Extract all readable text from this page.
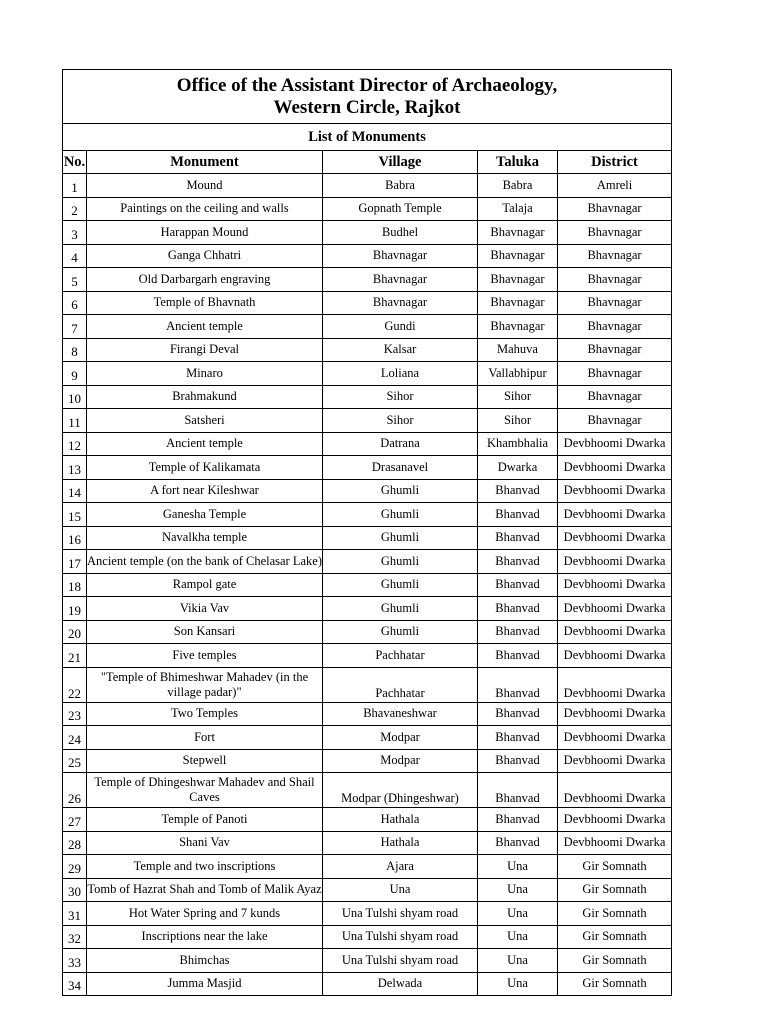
Office of the Assistant Director of Archaeology,
Western Circle, Rajkot				

List of Monuments				
No.	Monument	Village	Taluka	District
1	Mound	Babra	Babra	Amreli
2	Paintings on the ceiling and walls	Gopnath Temple	Talaja	Bhavnagar
3	Harappan Mound	Budhel	Bhavnagar	Bhavnagar
4	Ganga Chhatri	Bhavnagar	Bhavnagar	Bhavnagar
5	Old Darbargarh engraving	Bhavnagar	Bhavnagar	Bhavnagar
6	Temple of Bhavnath	Bhavnagar	Bhavnagar	Bhavnagar
7	Ancient temple	Gundi	Bhavnagar	Bhavnagar
8	Firangi Deval	Kalsar	Mahuva	Bhavnagar
9	Minaro	Loliana	Vallabhipur	Bhavnagar
10	Brahmakund	Sihor	Sihor	Bhavnagar
11	Satsheri	Sihor	Sihor	Bhavnagar
12	Ancient temple	Datrana	Khambhalia	Devbhoomi Dwarka
13	Temple of Kalikamata	Drasanavel	Dwarka	Devbhoomi Dwarka
14	A fort near Kileshwar	Ghumli	Bhanvad	Devbhoomi Dwarka
15	Ganesha Temple	Ghumli	Bhanvad	Devbhoomi Dwarka
16	Navalkha temple	Ghumli	Bhanvad	Devbhoomi Dwarka
17	Ancient temple (on the bank of Chelasar Lake)	Ghumli	Bhanvad	Devbhoomi Dwarka
18	Rampol gate	Ghumli	Bhanvad	Devbhoomi Dwarka
19	Vikia Vav	Ghumli	Bhanvad	Devbhoomi Dwarka
20	Son Kansari	Ghumli	Bhanvad	Devbhoomi Dwarka
21	Five temples	Pachhatar	Bhanvad	Devbhoomi Dwarka
22	"Temple of Bhimeshwar Mahadev (in the village padar)"	Pachhatar	Bhanvad	Devbhoomi Dwarka
23	Two Temples	Bhavaneshwar	Bhanvad	Devbhoomi Dwarka
24	Fort	Modpar	Bhanvad	Devbhoomi Dwarka
25	Stepwell	Modpar	Bhanvad	Devbhoomi Dwarka
26	Temple of Dhingeshwar Mahadev and Shail Caves	Modpar (Dhingeshwar)	Bhanvad	Devbhoomi Dwarka
27	Temple of Panoti	Hathala	Bhanvad	Devbhoomi Dwarka
28	Shani Vav	Hathala	Bhanvad	Devbhoomi Dwarka
29	Temple and two inscriptions	Ajara	Una	Gir Somnath
30	Tomb of Hazrat Shah and Tomb of Malik Ayaz	Una	Una	Gir Somnath
31	Hot Water Spring and 7 kunds	Una Tulshi shyam road	Una	Gir Somnath
32	Inscriptions near the lake	Una Tulshi shyam road	Una	Gir Somnath
33	Bhimchas	Una Tulshi shyam road	Una	Gir Somnath
34	Jumma Masjid	Delwada	Una	Gir Somnath
